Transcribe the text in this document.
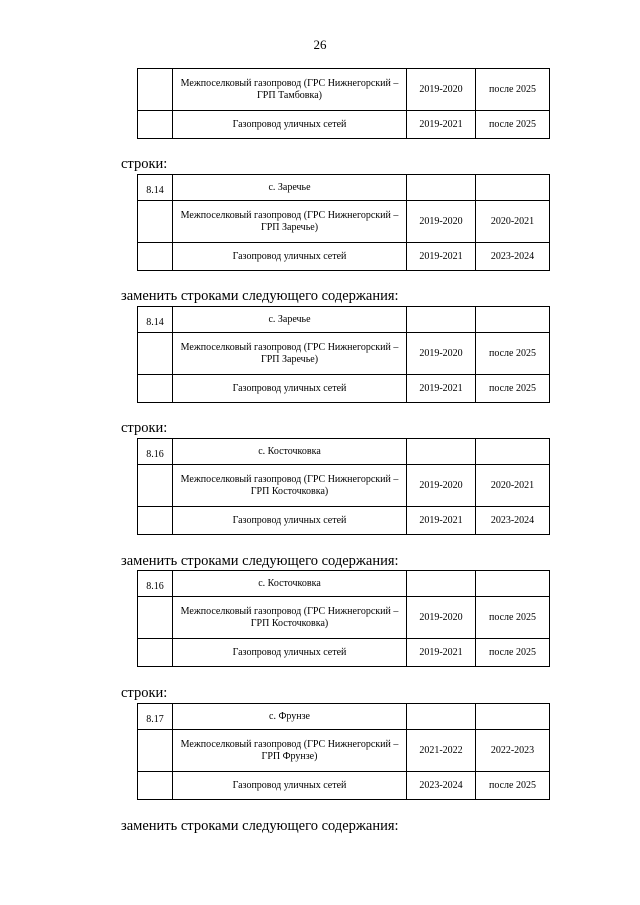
26
	Межпоселковый газопровод (ГРС Нижнегорский – ГРП Тамбовка)	2019-2020	после 2025
	Газопровод уличных сетей	2019-2021	после 2025
строки:
8.14	с. Заречье		
	Межпоселковый газопровод (ГРС Нижнегорский – ГРП Заречье)	2019-2020	2020-2021
	Газопровод уличных сетей	2019-2021	2023-2024
заменить строками следующего содержания:
8.14	с. Заречье		
	Межпоселковый газопровод (ГРС Нижнегорский – ГРП Заречье)	2019-2020	после 2025
	Газопровод уличных сетей	2019-2021	после 2025
строки:
8.16	с. Косточковка		
	Межпоселковый газопровод (ГРС Нижнегорский – ГРП Косточковка)	2019-2020	2020-2021
	Газопровод уличных сетей	2019-2021	2023-2024
заменить строками следующего содержания:
8.16	с. Косточковка		
	Межпоселковый газопровод (ГРС Нижнегорский – ГРП Косточковка)	2019-2020	после 2025
	Газопровод уличных сетей	2019-2021	после 2025
строки:
8.17	с. Фрунзе		
	Межпоселковый газопровод (ГРС Нижнегорский – ГРП Фрунзе)	2021-2022	2022-2023
	Газопровод уличных сетей	2023-2024	после 2025
заменить строками следующего содержания:
